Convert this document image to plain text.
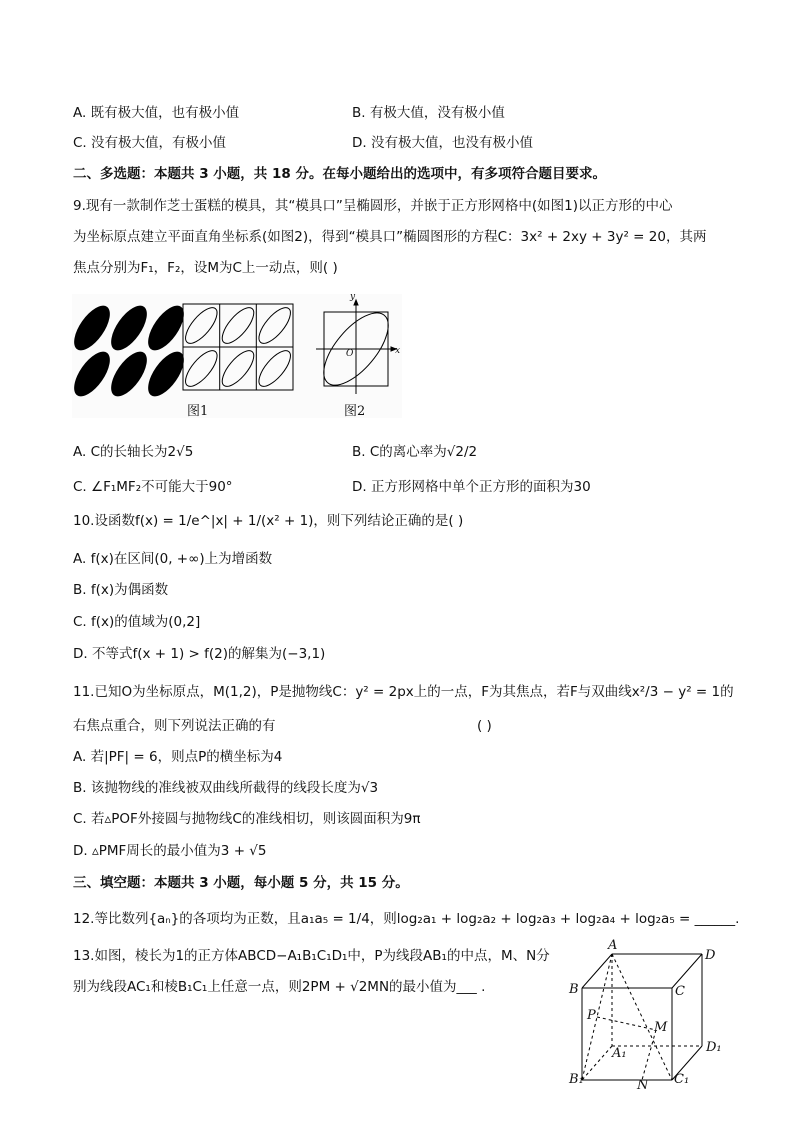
A. 既有极大值，也有极小值	B. 有极大值，没有极小值
C. 没有极大值，有极小值	D. 没有极大值，也没有极小值
二、多选题：本题共 3 小题，共 18 分。在每小题给出的选项中，有多项符合题目要求。
9.现有一款制作芝士蛋糕的模具，其“模具口”呈椭圆形，并嵌于正方形网格中(如图1)以正方形的中心
为坐标原点建立平面直角坐标系(如图2)，得到“模具口”椭圆图形的方程C：3x² + 2xy + 3y² = 20，其两
焦点分别为F₁，F₂，设M为C上一动点，则( )
y
x
O
图1	图2
A. C的长轴长为2√5	B. C的离心率为√2/2
C. ∠F₁MF₂不可能大于90°	D. 正方形网格中单个正方形的面积为30
10.设函数f(x) = 1/e^|x| + 1/(x² + 1)，则下列结论正确的是( )
A. f(x)在区间(0, +∞)上为增函数
B. f(x)为偶函数
C. f(x)的值域为(0,2]
D. 不等式f(x + 1) > f(2)的解集为(−3,1)
11.已知O为坐标原点，M(1,2)，P是抛物线C：y² = 2px上的一点，F为其焦点，若F与双曲线x²/3 − y² = 1的
右焦点重合，则下列说法正确的有	( )
A. 若|PF| = 6，则点P的横坐标为4
B. 该抛物线的准线被双曲线所截得的线段长度为√3
C. 若▵POF外接圆与抛物线C的准线相切，则该圆面积为9π
D. ▵PMF周长的最小值为3 + √5
三、填空题：本题共 3 小题，每小题 5 分，共 15 分。
12.等比数列{aₙ}的各项均为正数，且a₁a₅ = 1/4，则log₂a₁ + log₂a₂ + log₂a₃ + log₂a₄ + log₂a₅ = ______.
13.如图，棱长为1的正方体ABCD−A₁B₁C₁D₁中，P为线段AB₁的中点，M、N分
别为线段AC₁和棱B₁C₁上任意一点，则2PM + √2MN的最小值为___ .
A
D
B	C
P
M
A₁	D₁
B₁	N C₁
